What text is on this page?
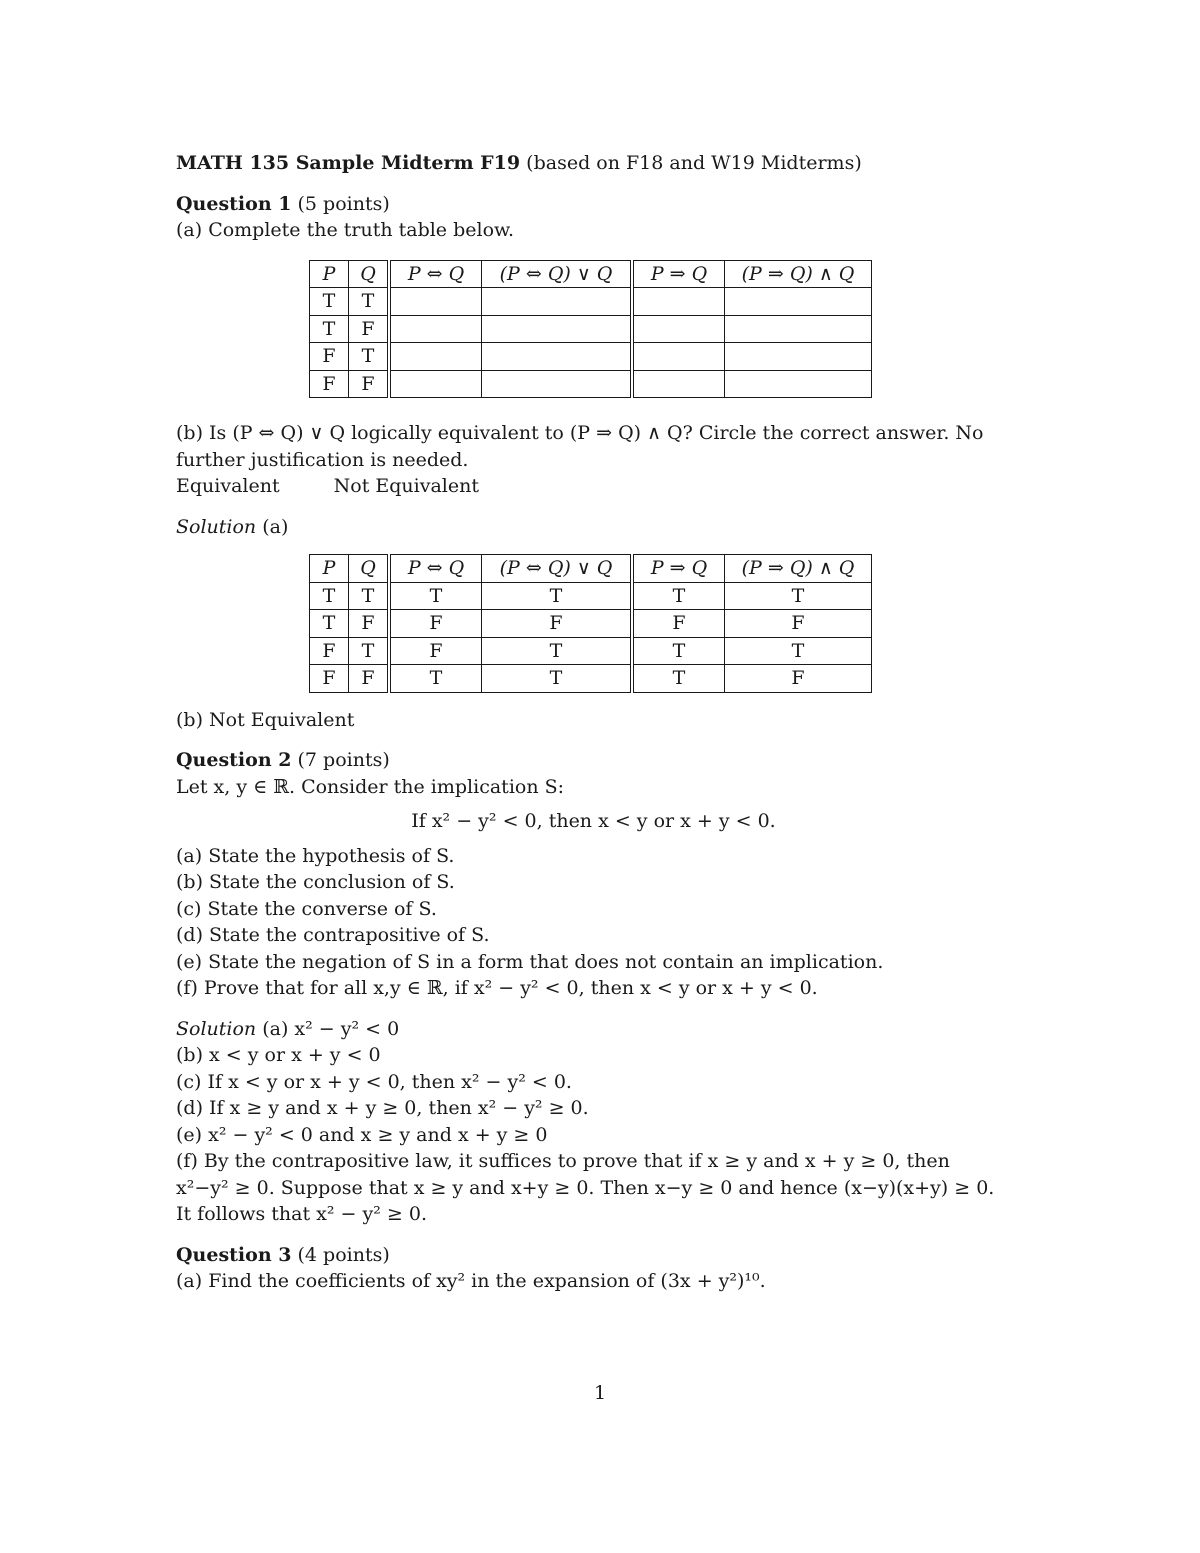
MATH 135 Sample Midterm F19 (based on F18 and W19 Midterms)

Question 1 (5 points)

(a) Complete the truth table below.

P	Q	P ⇔ Q	(P ⇔ Q) ∨ Q	P ⇒ Q	(P ⇒ Q) ∧ Q
T	T				
T	F				
F	T				
F	F				

(b) Is (P ⇔ Q) ∨ Q logically equivalent to (P ⇒ Q) ∧ Q? Circle the correct answer. No
further justification is needed.

Equivalent	Not Equivalent

Solution (a)

P	Q	P ⇔ Q	(P ⇔ Q) ∨ Q	P ⇒ Q	(P ⇒ Q) ∧ Q
T	T	T	T	T	T
T	F	F	F	F	F
F	T	F	T	T	T
F	F	T	T	T	F

(b) Not Equivalent

Question 2 (7 points)

Let x, y ∈ ℝ. Consider the implication S:

If x² − y² < 0, then x < y or x + y < 0.

(a) State the hypothesis of S.
(b) State the conclusion of S.
(c) State the converse of S.
(d) State the contrapositive of S.
(e) State the negation of S in a form that does not contain an implication.
(f) Prove that for all x,y ∈ ℝ, if x² − y² < 0, then x < y or x + y < 0.

Solution (a) x² − y² < 0
(b) x < y or x + y < 0
(c) If x < y or x + y < 0, then x² − y² < 0.
(d) If x ≥ y and x + y ≥ 0, then x² − y² ≥ 0.
(e) x² − y² < 0 and x ≥ y and x + y ≥ 0
(f) By the contrapositive law, it suffices to prove that if x ≥ y and x + y ≥ 0, then
x²−y² ≥ 0. Suppose that x ≥ y and x+y ≥ 0. Then x−y ≥ 0 and hence (x−y)(x+y) ≥ 0.
It follows that x² − y² ≥ 0.

Question 3 (4 points)

(a) Find the coefficients of xy² in the expansion of (3x + y²)¹⁰.

1
